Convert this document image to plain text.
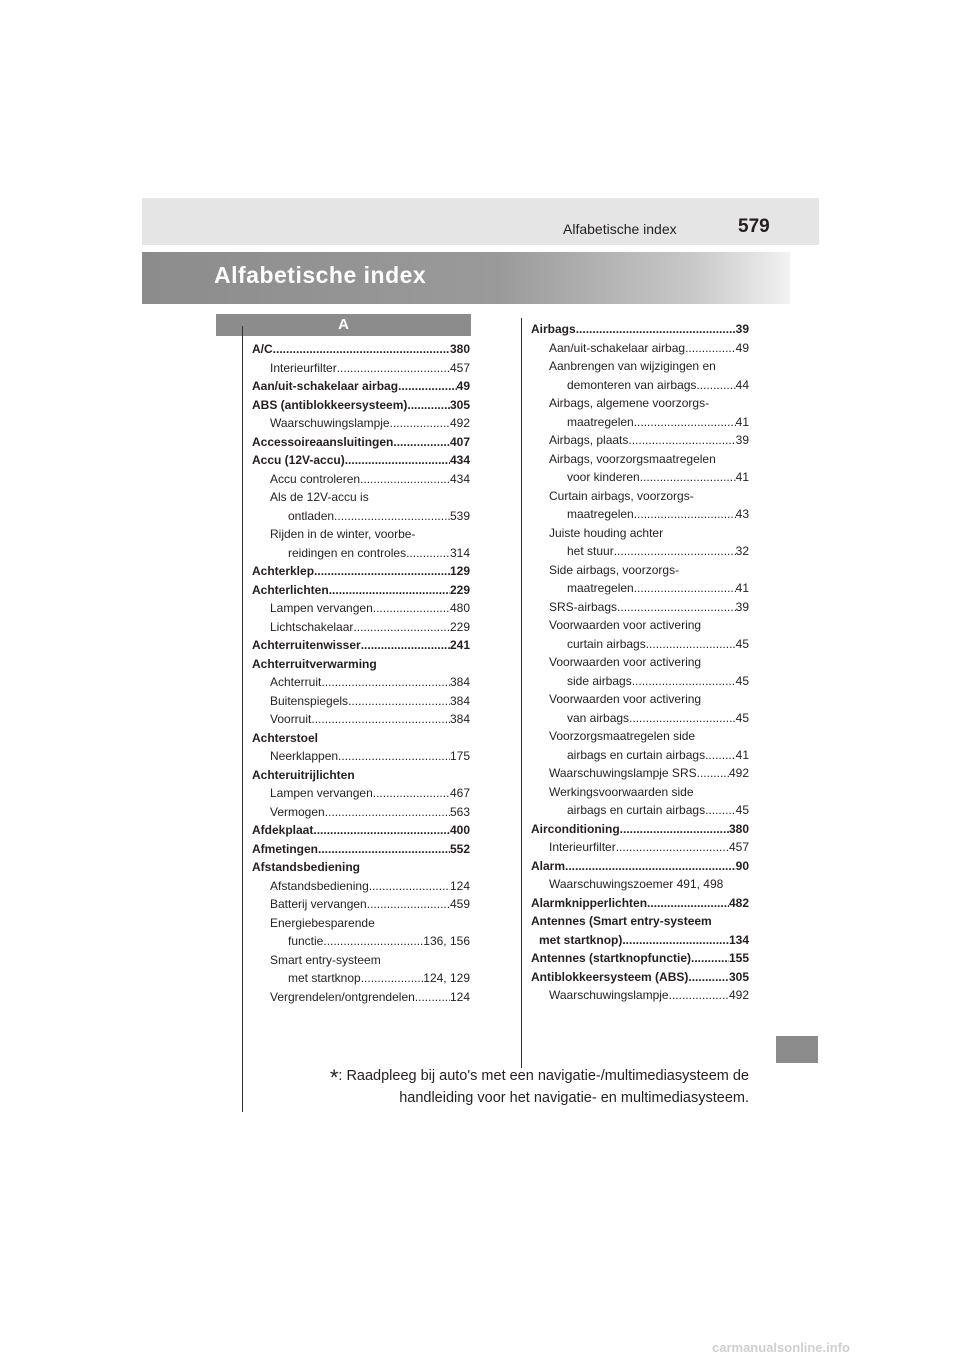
Alfabetische index	579
Alfabetische index
A
A/C .....	380
Interieurfilter .....	457
Aan/uit-schakelaar airbag .....	49
ABS (antiblokkeersysteem) .....	305
Waarschuwingslampje .....	492
Accessoireaansluitingen .....	407
Accu (12V-accu) .....	434
Accu controleren .....	434
Als de 12V-accu is
ontladen .....	539
Rijden in de winter, voorbe-
reidingen en controles .....	314
Achterklep .....	129
Achterlichten .....	229
Lampen vervangen .....	480
Lichtschakelaar .....	229
Achterruitenwisser .....	241
Achterruitverwarming
Achterruit .....	384
Buitenspiegels .....	384
Voorruit .....	384
Achterstoel
Neerklappen .....	175
Achteruitrijlichten
Lampen vervangen .....	467
Vermogen .....	563
Afdekplaat .....	400
Afmetingen .....	552
Afstandsbediening
Afstandsbediening .....	124
Batterij vervangen .....	459
Energiebesparende
functie .....	136, 156
Smart entry-systeem
met startknop .....	124, 129
Vergrendelen/ontgrendelen .....	124
Airbags .....	39
Aan/uit-schakelaar airbag .....	49
Aanbrengen van wijzigingen en
demonteren van airbags .....	44
Airbags, algemene voorzorgs-
maatregelen .....	41
Airbags, plaats .....	39
Airbags, voorzorgsmaatregelen
voor kinderen .....	41
Curtain airbags, voorzorgs-
maatregelen .....	43
Juiste houding achter
het stuur .....	32
Side airbags, voorzorgs-
maatregelen .....	41
SRS-airbags .....	39
Voorwaarden voor activering
curtain airbags .....	45
Voorwaarden voor activering
side airbags .....	45
Voorwaarden voor activering
van airbags .....	45
Voorzorgsmaatregelen side
airbags en curtain airbags .....	41
Waarschuwingslampje SRS .....	492
Werkingsvoorwaarden side
airbags en curtain airbags .....	45
Airconditioning .....	380
Interieurfilter .....	457
Alarm .....	90
Waarschuwingszoemer 491, 498
Alarmknipperlichten .....	482
Antennes (Smart entry-systeem
met startknop) .....	134
Antennes (startknopfunctie) .....	155
Antiblokkeersysteem (ABS) .....	305
Waarschuwingslampje .....	492
*: Raadpleeg bij auto's met een navigatie-/multimediasysteem de
handleiding voor het navigatie- en multimediasysteem.
carmanualsonline.info
